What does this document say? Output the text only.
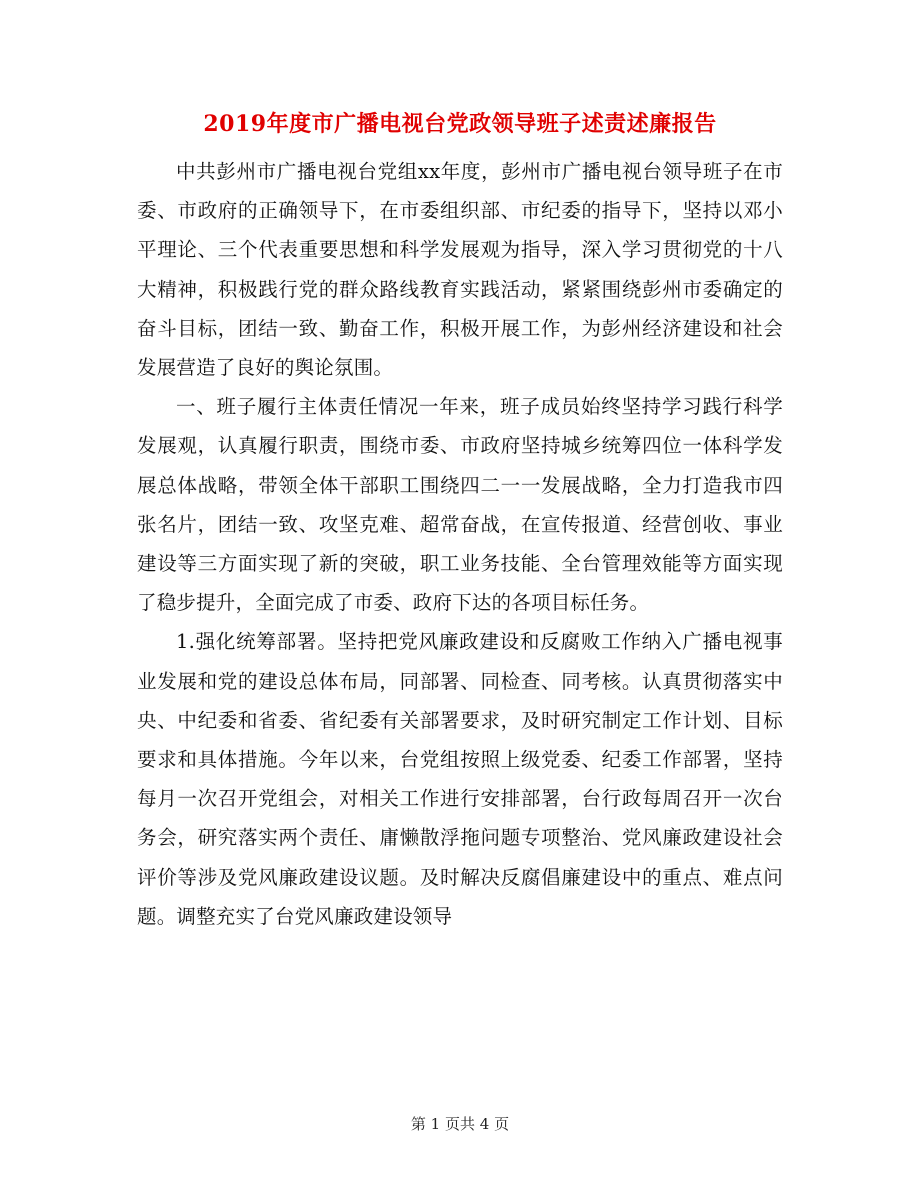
2019年度市广播电视台党政领导班子述责述廉报告

中共彭州市广播电视台党组xx年度，彭州市广播电视台领导班子在市委、市政府的正确领导下，在市委组织部、市纪委的指导下，坚持以邓小平理论、三个代表重要思想和科学发展观为指导，深入学习贯彻党的十八大精神，积极践行党的群众路线教育实践活动，紧紧围绕彭州市委确定的奋斗目标，团结一致、勤奋工作，积极开展工作，为彭州经济建设和社会发展营造了良好的舆论氛围。

一、班子履行主体责任情况一年来，班子成员始终坚持学习践行科学发展观，认真履行职责，围绕市委、市政府坚持城乡统筹四位一体科学发展总体战略，带领全体干部职工围绕四二一一发展战略，全力打造我市四张名片，团结一致、攻坚克难、超常奋战，在宣传报道、经营创收、事业建设等三方面实现了新的突破，职工业务技能、全台管理效能等方面实现了稳步提升，全面完成了市委、政府下达的各项目标任务。

1.强化统筹部署。坚持把党风廉政建设和反腐败工作纳入广播电视事业发展和党的建设总体布局，同部署、同检查、同考核。认真贯彻落实中央、中纪委和省委、省纪委有关部署要求，及时研究制定工作计划、目标要求和具体措施。今年以来，台党组按照上级党委、纪委工作部署，坚持每月一次召开党组会，对相关工作进行安排部署，台行政每周召开一次台务会，研究落实两个责任、庸懒散浮拖问题专项整治、党风廉政建设社会评价等涉及党风廉政建设议题。及时解决反腐倡廉建设中的重点、难点问题。调整充实了台党风廉政建设领导

第 1 页共 4 页
